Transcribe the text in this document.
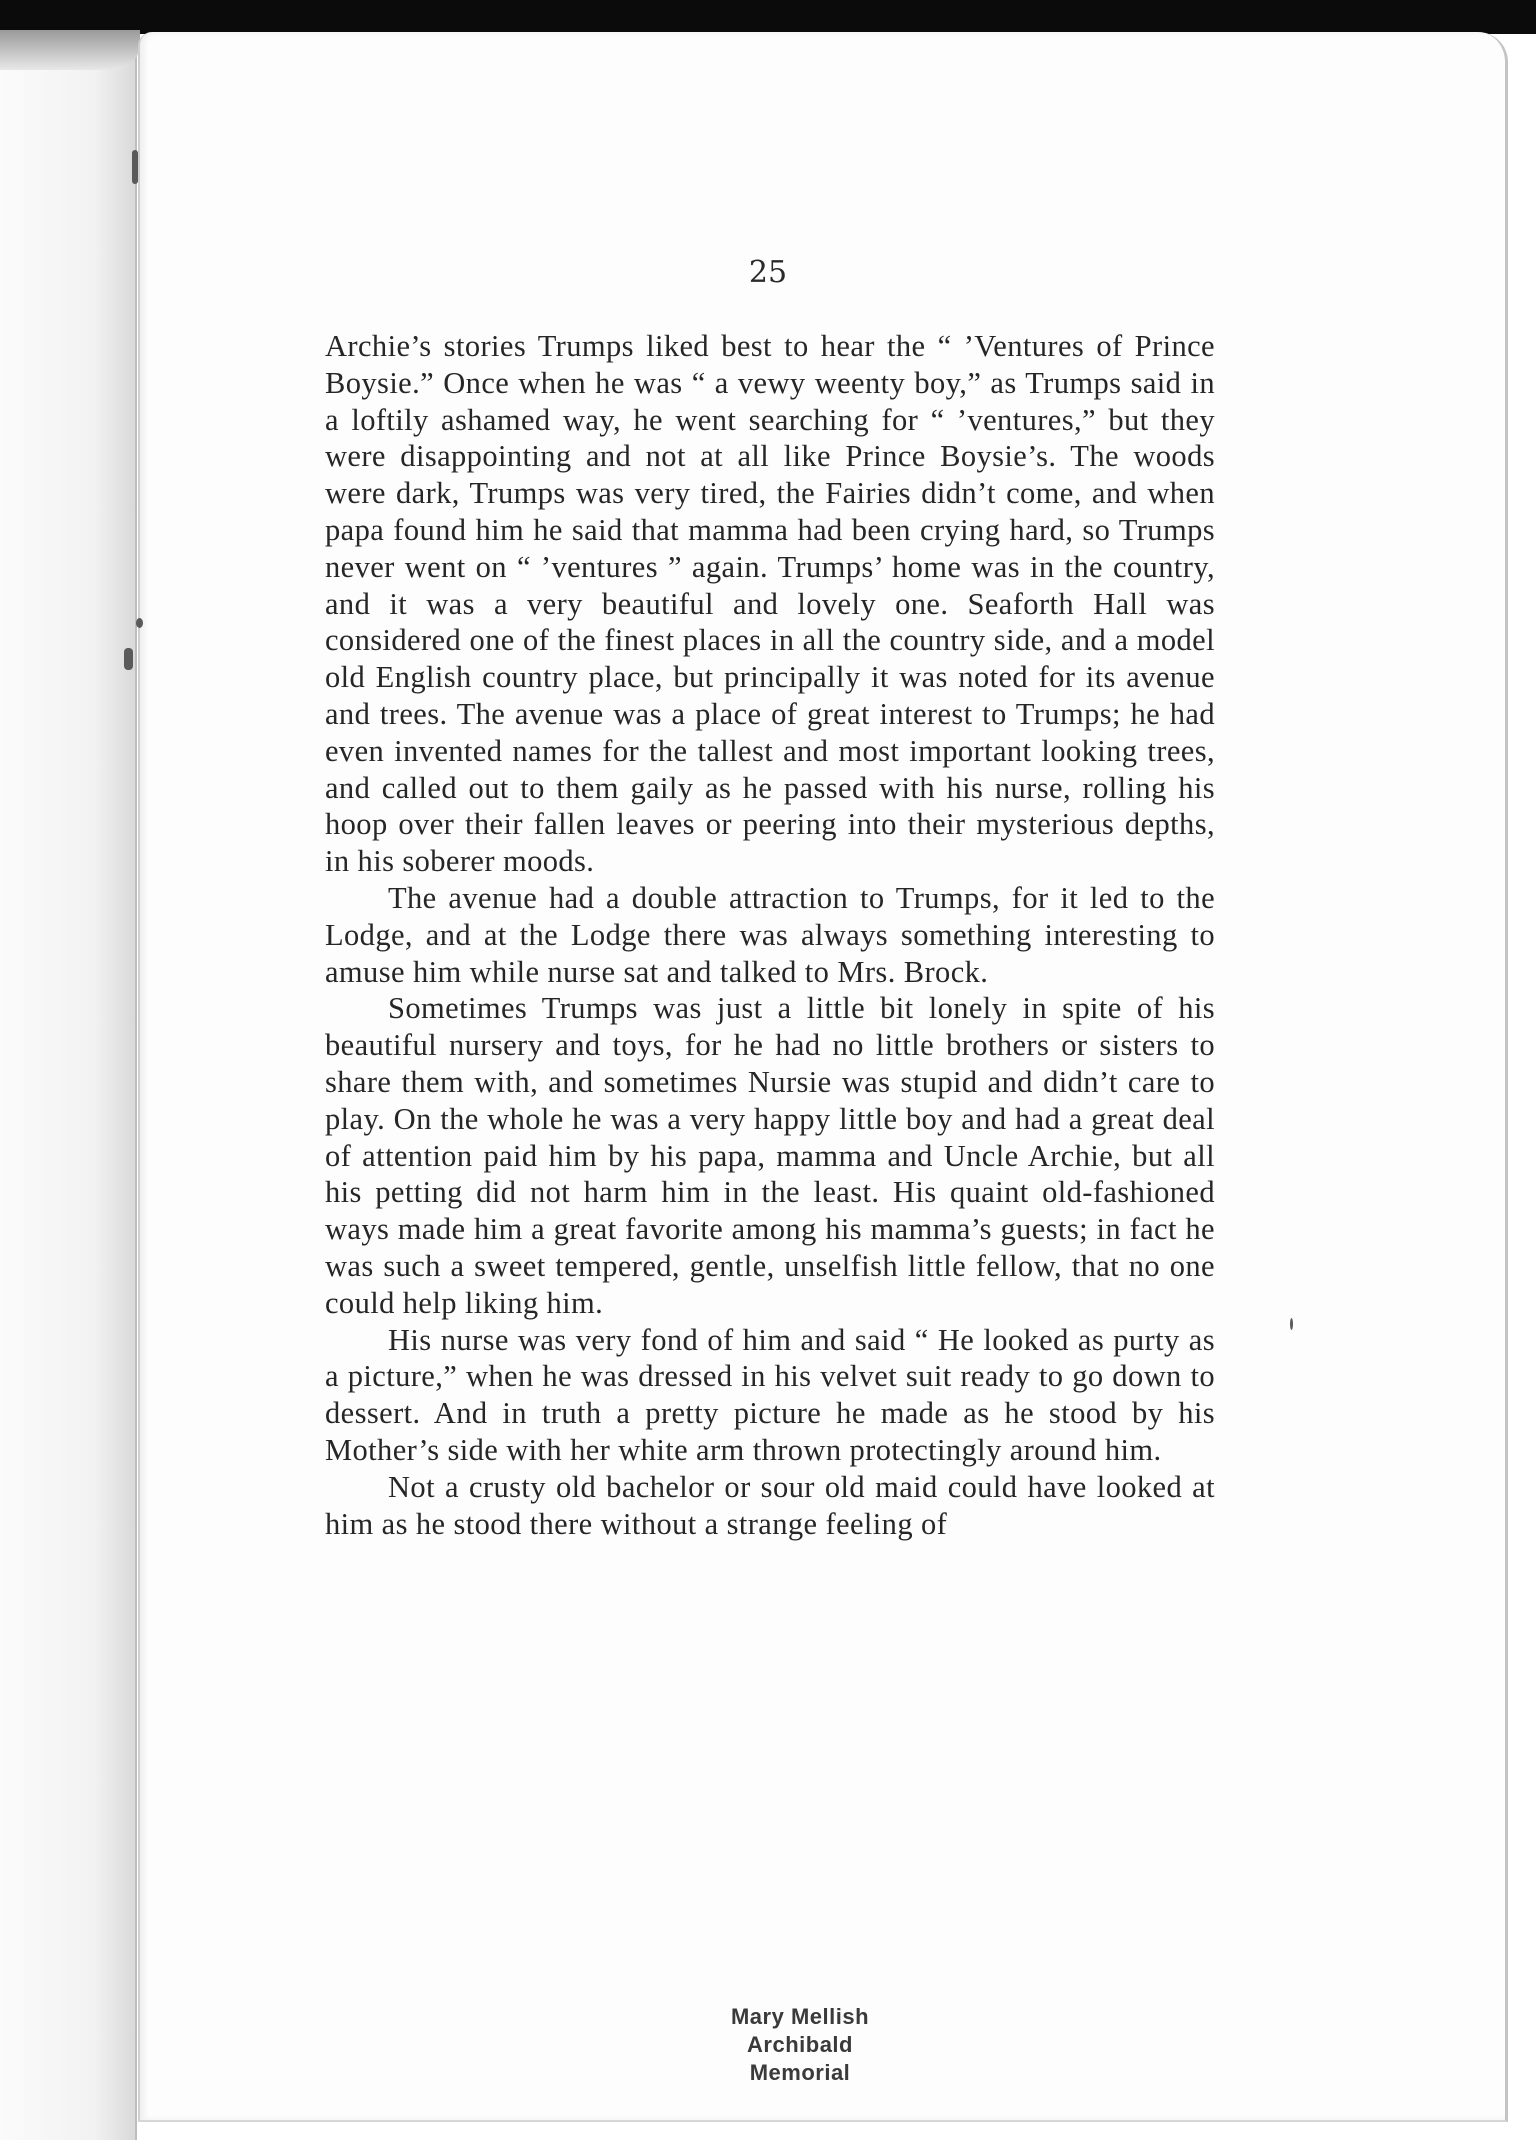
25

Archie’s stories Trumps liked best to hear the “ ’Ventures of Prince Boysie.” Once when he was “ a vewy weenty boy,” as Trumps said in a loftily ashamed way, he went searching for “ ’ventures,” but they were disappointing and not at all like Prince Boysie’s. The woods were dark, Trumps was very tired, the Fairies didn’t come, and when papa found him he said that mamma had been crying hard, so Trumps never went on “ ’ventures ” again. Trumps’ home was in the country, and it was a very beautiful and lovely one. Seaforth Hall was considered one of the finest places in all the country side, and a model old English country place, but principally it was noted for its avenue and trees. The avenue was a place of great interest to Trumps; he had even invented names for the tallest and most important looking trees, and called out to them gaily as he passed with his nurse, rolling his hoop over their fallen leaves or peering into their mysterious depths, in his soberer moods.

The avenue had a double attraction to Trumps, for it led to the Lodge, and at the Lodge there was always something interesting to amuse him while nurse sat and talked to Mrs. Brock.

Sometimes Trumps was just a little bit lonely in spite of his beautiful nursery and toys, for he had no little brothers or sisters to share them with, and sometimes Nursie was stupid and didn’t care to play. On the whole he was a very happy little boy and had a great deal of attention paid him by his papa, mamma and Uncle Archie, but all his petting did not harm him in the least. His quaint old-fashioned ways made him a great favorite among his mamma’s guests; in fact he was such a sweet tempered, gentle, unselfish little fellow, that no one could help liking him.

His nurse was very fond of him and said “ He looked as purty as a picture,” when he was dressed in his velvet suit ready to go down to dessert. And in truth a pretty picture he made as he stood by his Mother’s side with her white arm thrown protectingly around him.

Not a crusty old bachelor or sour old maid could have looked at him as he stood there without a strange feeling of

Mary Mellish
Archibald
Memorial
